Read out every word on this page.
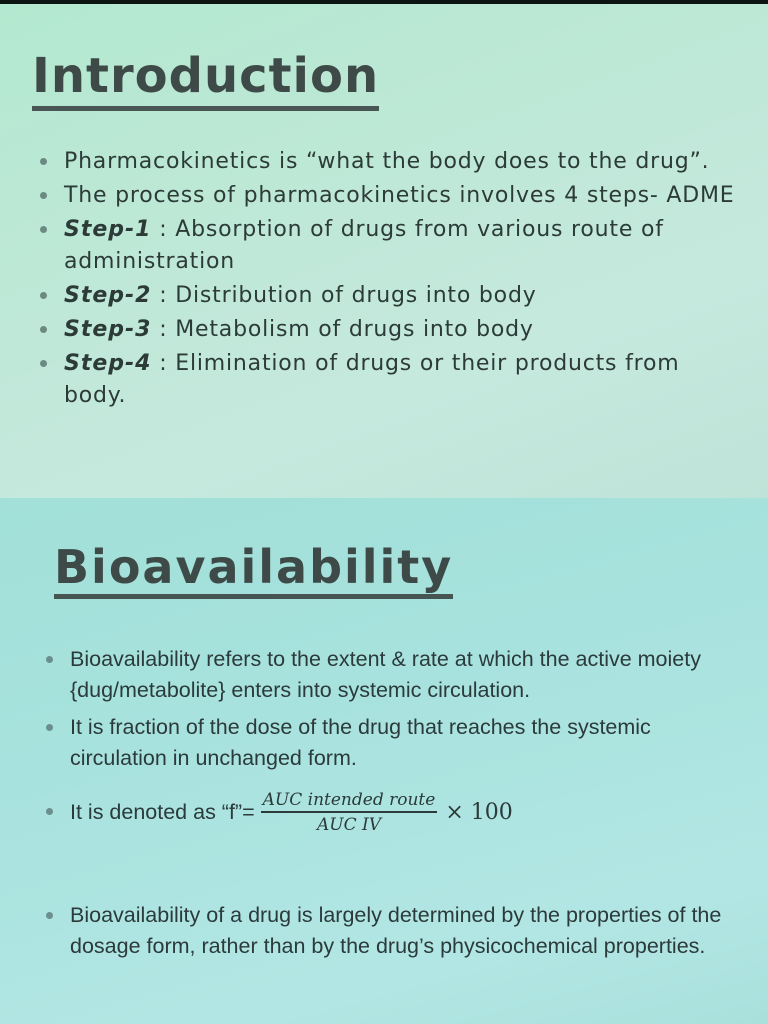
Introduction
Pharmacokinetics is “what the body does to the drug”.
The process of pharmacokinetics involves 4 steps- ADME
Step-1 : Absorption of drugs from various route of administration
Step-2 : Distribution of drugs into body
Step-3 : Metabolism of drugs into body
Step-4 : Elimination of drugs or their products from body.
Bioavailability
Bioavailability refers to the extent & rate at which the active moiety {dug/metabolite} enters into systemic circulation.
It is fraction of the dose of the drug that reaches the systemic circulation in unchanged form.
It is denoted as “f”= $\frac{\text{AUC intended route}}{\text{AUC IV}} \times 100$
Bioavailability of a drug is largely determined by the properties of the dosage form, rather than by the drug’s physicochemical properties.
